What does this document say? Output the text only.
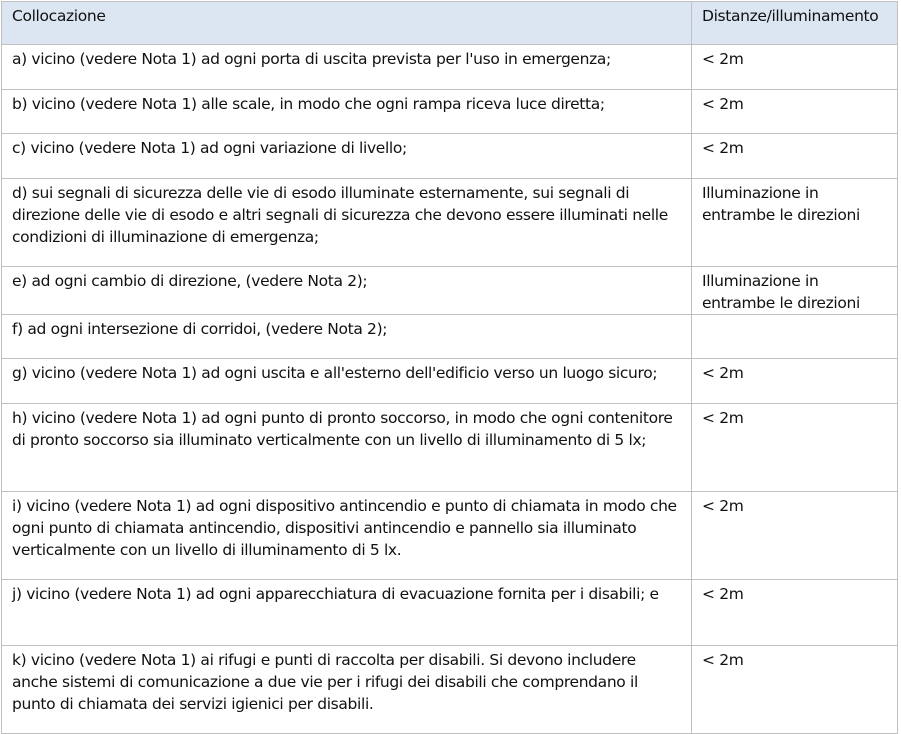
Collocazione	Distanze/illuminamento
a) vicino (vedere Nota 1) ad ogni porta di uscita prevista per l'uso in emergenza;	< 2m
b) vicino (vedere Nota 1) alle scale, in modo che ogni rampa riceva luce diretta;	< 2m
c) vicino (vedere Nota 1) ad ogni variazione di livello;	< 2m
d) sui segnali di sicurezza delle vie di esodo illuminate esternamente, sui segnali di direzione delle vie di esodo e altri segnali di sicurezza che devono essere illuminati nelle condizioni di illuminazione di emergenza;	Illuminazione in entrambe le direzioni
e) ad ogni cambio di direzione, (vedere Nota 2);	Illuminazione in entrambe le direzioni
f) ad ogni intersezione di corridoi, (vedere Nota 2);	
g) vicino (vedere Nota 1) ad ogni uscita e all'esterno dell'edificio verso un luogo sicuro;	< 2m
h) vicino (vedere Nota 1) ad ogni punto di pronto soccorso, in modo che ogni contenitore di pronto soccorso sia illuminato verticalmente con un livello di illuminamento di 5 lx;	< 2m
i) vicino (vedere Nota 1) ad ogni dispositivo antincendio e punto di chiamata in modo che ogni punto di chiamata antincendio, dispositivi antincendio e pannello sia illuminato verticalmente con un livello di illuminamento di 5 lx.	< 2m
j) vicino (vedere Nota 1) ad ogni apparecchiatura di evacuazione fornita per i disabili; e	< 2m
k) vicino (vedere Nota 1) ai rifugi e punti di raccolta per disabili. Si devono includere anche sistemi di comunicazione a due vie per i rifugi dei disabili che comprendano il punto di chiamata dei servizi igienici per disabili.	< 2m
